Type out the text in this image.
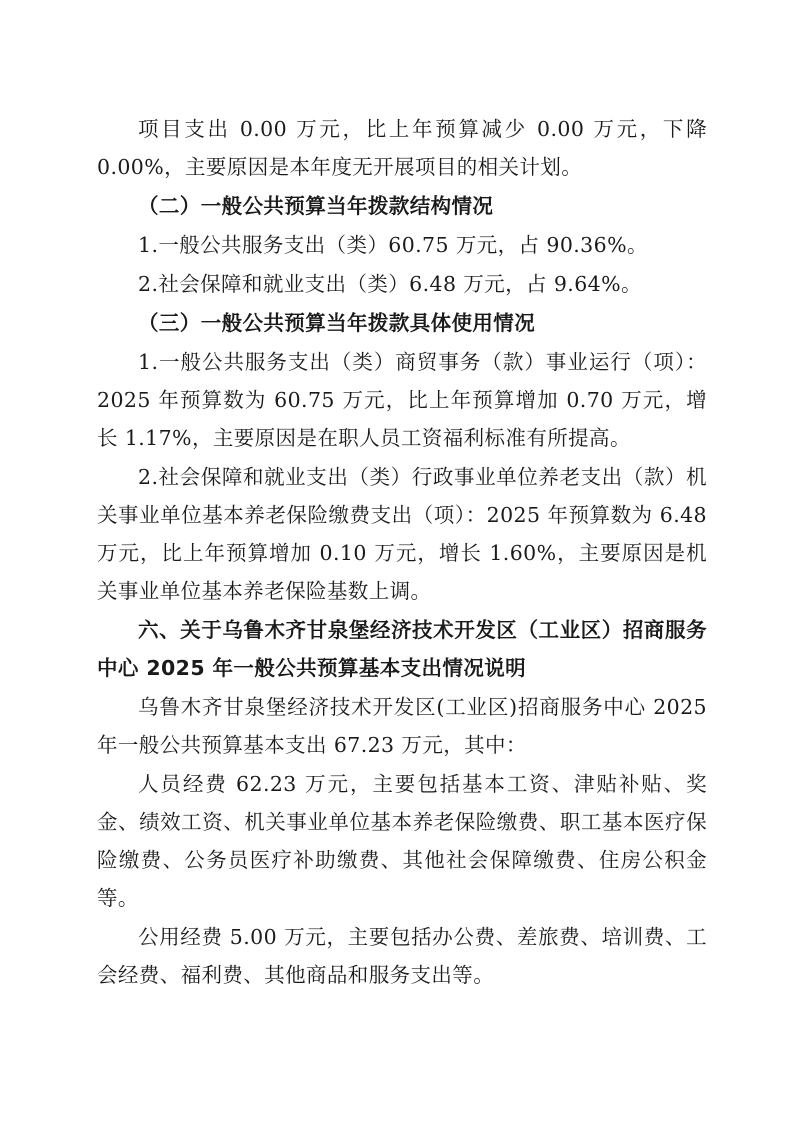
项目支出 0.00 万元，比上年预算减少 0.00 万元，下降 0.00%，主要原因是本年度无开展项目的相关计划。

（二）一般公共预算当年拨款结构情况

1.一般公共服务支出（类）60.75 万元，占 90.36%。

2.社会保障和就业支出（类）6.48 万元，占 9.64%。

（三）一般公共预算当年拨款具体使用情况

1.一般公共服务支出（类）商贸事务（款）事业运行（项）：2025 年预算数为 60.75 万元，比上年预算增加 0.70 万元，增长 1.17%，主要原因是在职人员工资福利标准有所提高。

2.社会保障和就业支出（类）行政事业单位养老支出（款）机关事业单位基本养老保险缴费支出（项）：2025 年预算数为 6.48 万元，比上年预算增加 0.10 万元，增长 1.60%，主要原因是机关事业单位基本养老保险基数上调。

六、关于乌鲁木齐甘泉堡经济技术开发区（工业区）招商服务中心 2025 年一般公共预算基本支出情况说明

乌鲁木齐甘泉堡经济技术开发区(工业区)招商服务中心 2025 年一般公共预算基本支出 67.23 万元，其中：

人员经费 62.23 万元，主要包括基本工资、津贴补贴、奖金、绩效工资、机关事业单位基本养老保险缴费、职工基本医疗保险缴费、公务员医疗补助缴费、其他社会保障缴费、住房公积金等。

公用经费 5.00 万元，主要包括办公费、差旅费、培训费、工会经费、福利费、其他商品和服务支出等。
